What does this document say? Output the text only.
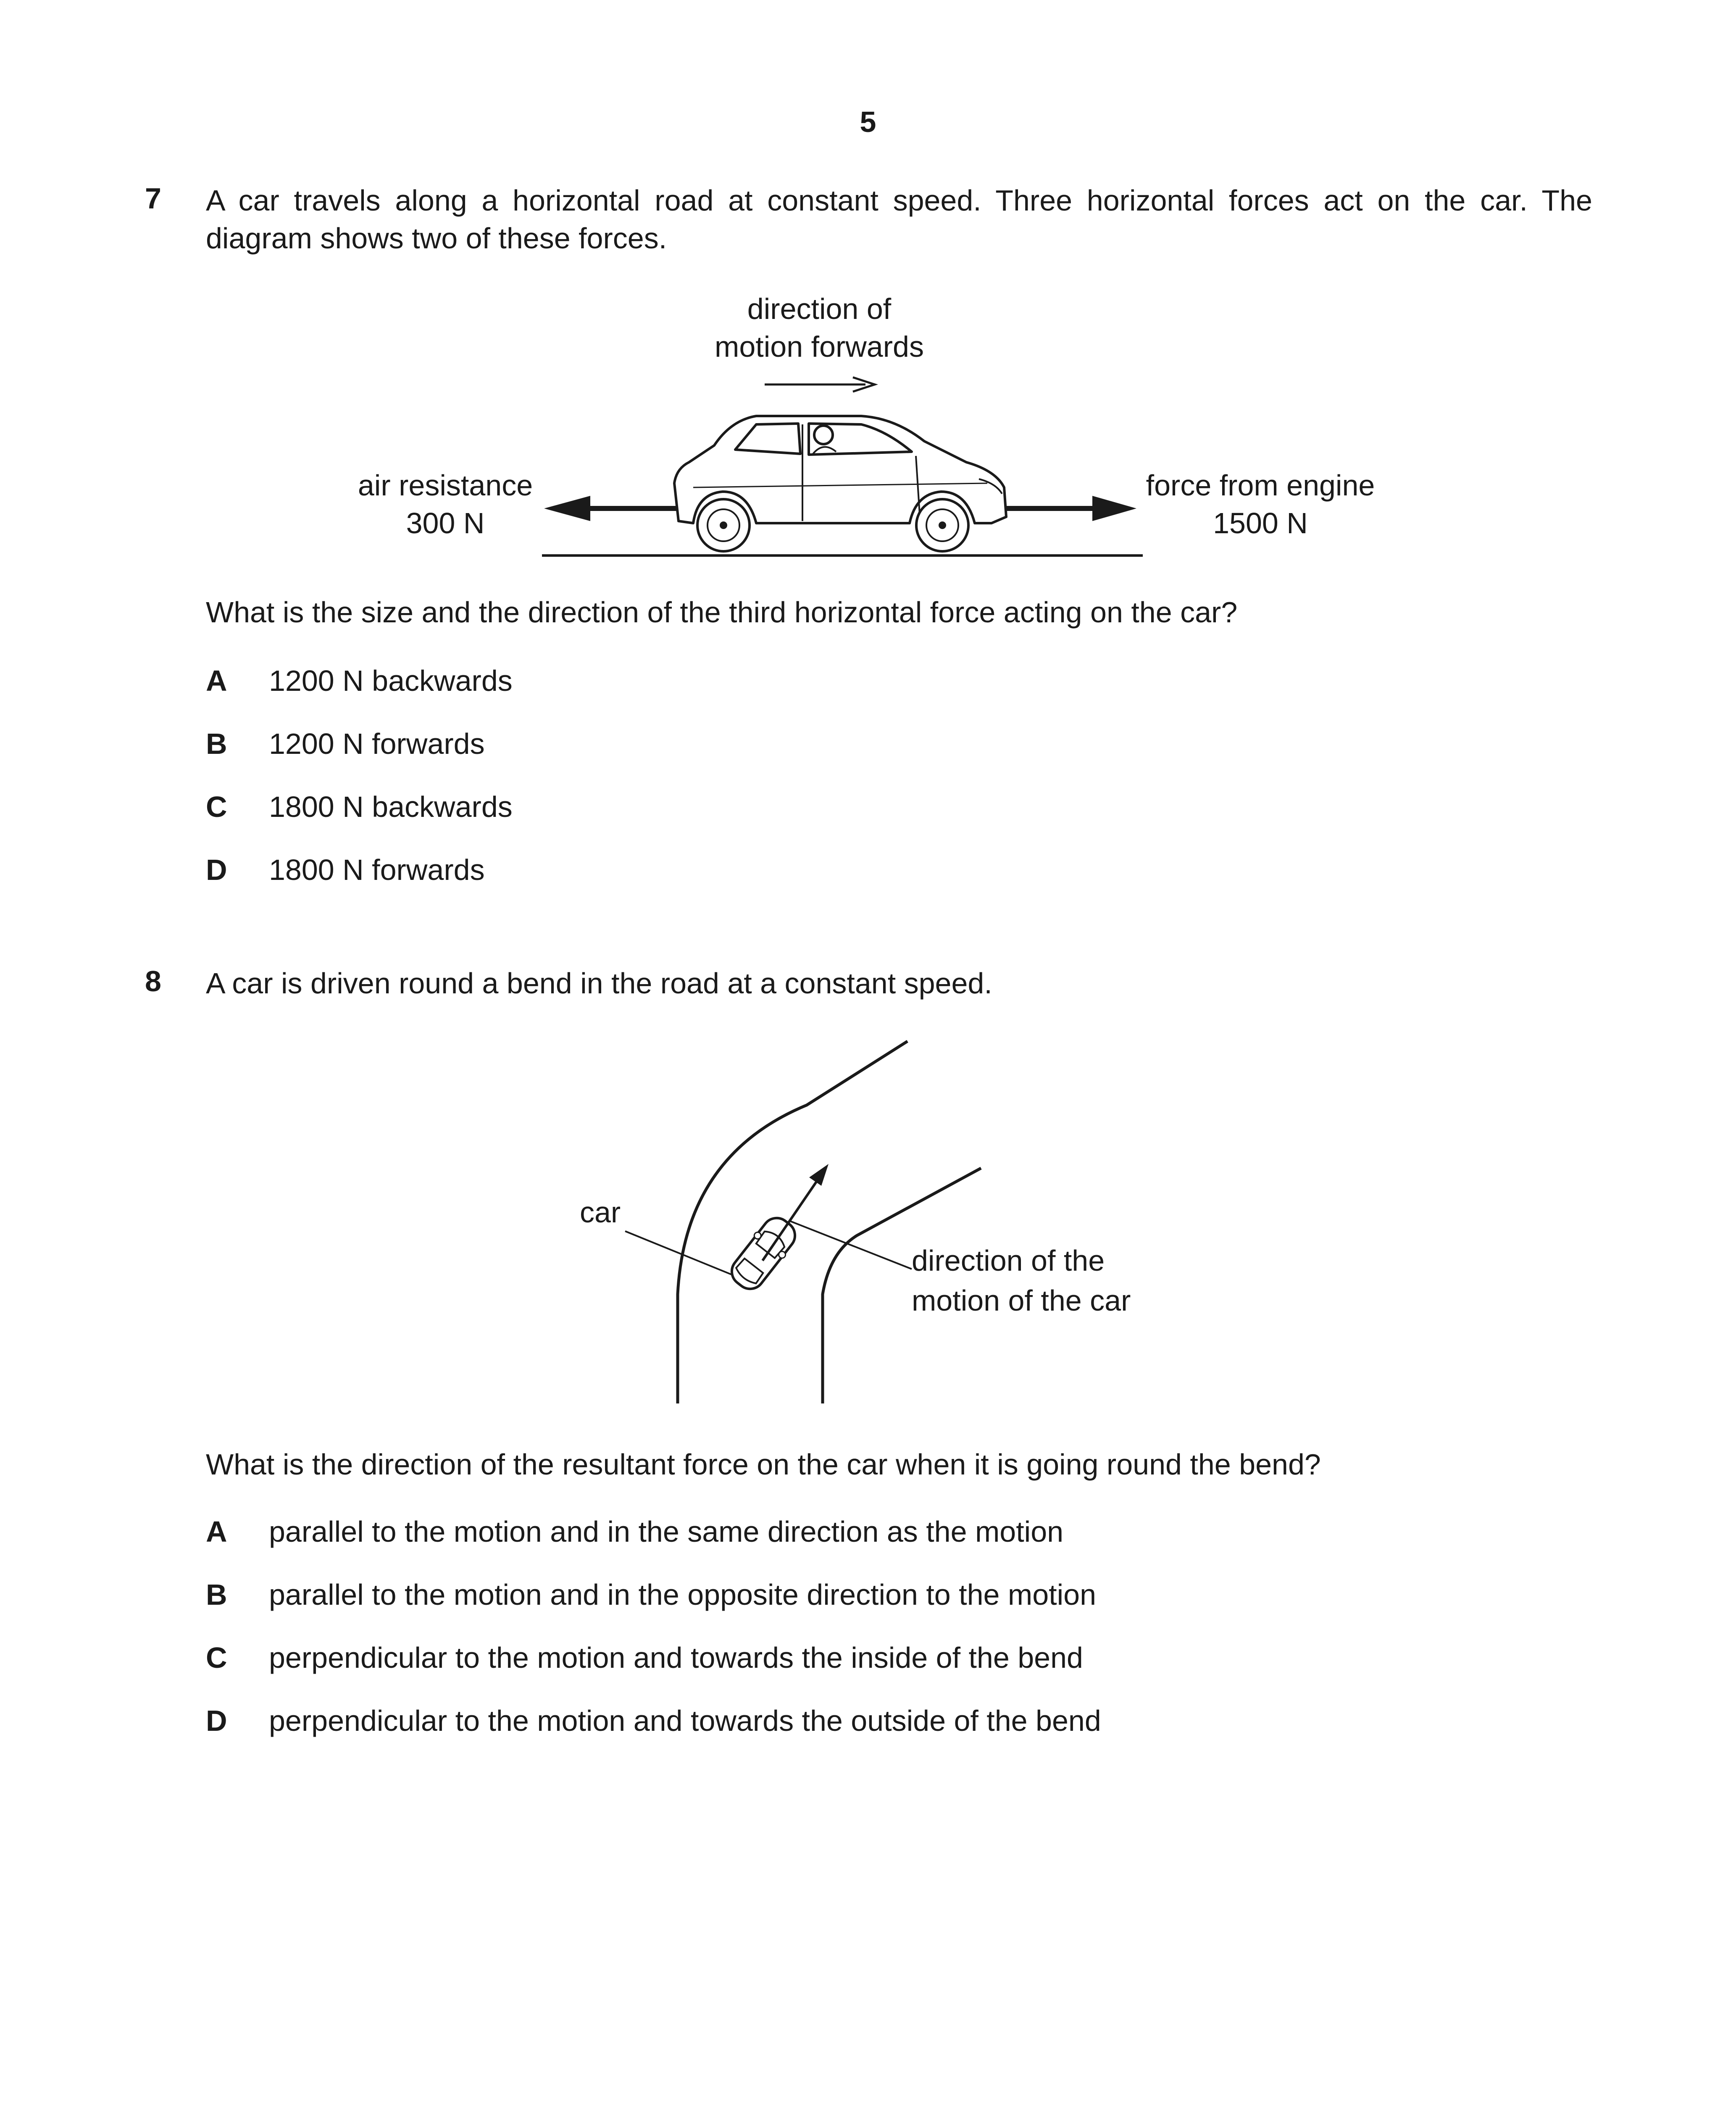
5
7 A car travels along a horizontal road at constant speed. Three horizontal forces act on the car. The diagram shows two of these forces.
direction of
motion forwards
air resistance
300 N
force from engine
1500 N
What is the size and the direction of the third horizontal force acting on the car?
A 1200 N backwards
B 1200 N forwards
C 1800 N backwards
D 1800 N forwards
8 A car is driven round a bend in the road at a constant speed.
car
direction of the
motion of the car
What is the direction of the resultant force on the car when it is going round the bend?
A parallel to the motion and in the same direction as the motion
B parallel to the motion and in the opposite direction to the motion
C perpendicular to the motion and towards the inside of the bend
D perpendicular to the motion and towards the outside of the bend
